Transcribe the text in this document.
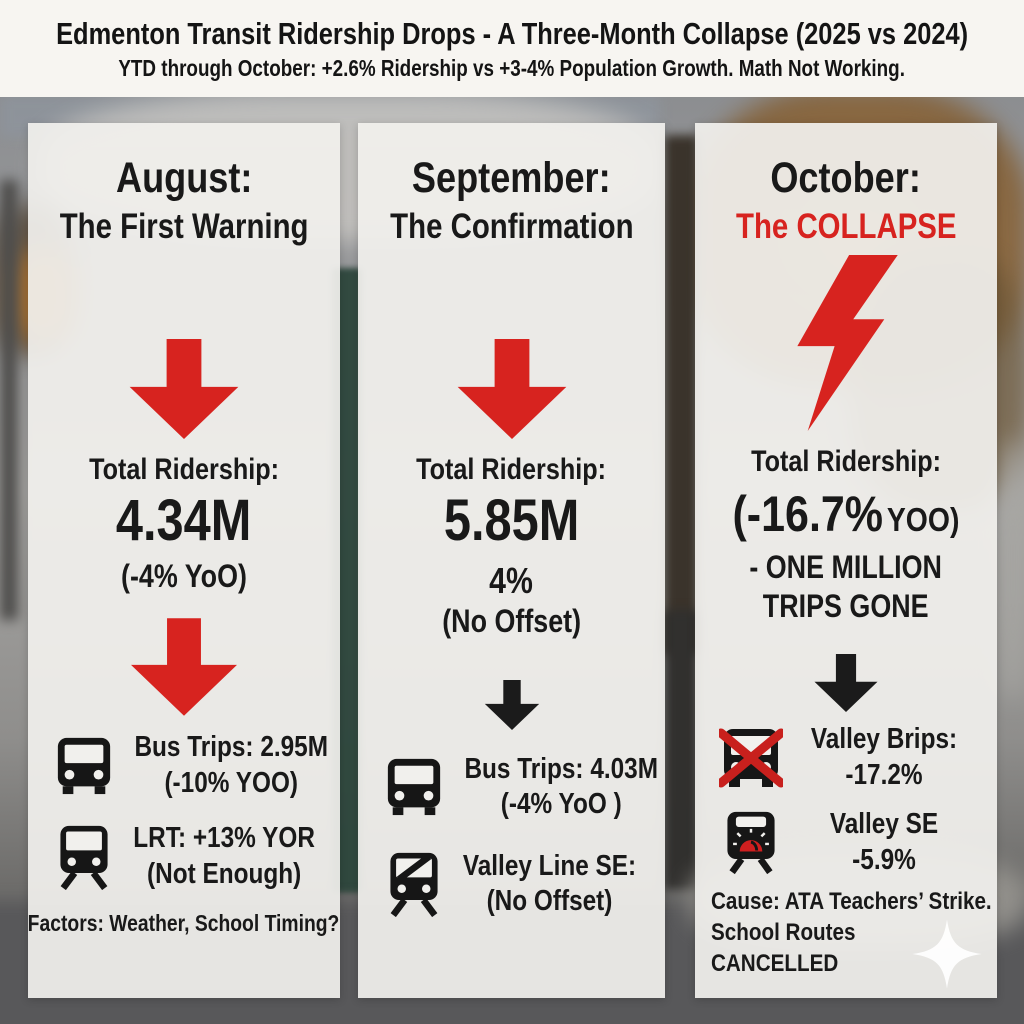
Edmenton Transit Ridership Drops - A Three-Month Collapse (2025 vs 2024)
YTD through October: +2.6% Ridership vs +3-4% Population Growth. Math Not Working.
August:
The First Warning
Total Ridership:
4.34M
(-4% YoO)
Bus Trips: 2.95M
(-10% YOO)
LRT: +13% YOR
(Not Enough)
Factors: Weather, School Timing?
September:
The Confirmation
Total Ridership:
5.85M
4%
(No Offset)
Bus Trips: 4.03M
(-4% YoO )
Valley Line SE:
(No Offset)
October:
The COLLAPSE
Total Ridership:
(-16.7% YOO)
- ONE MILLION
TRIPS GONE
Valley Brips:
-17.2%
Valley SE
-5.9%
Cause: ATA Teachers’ Strike.
School Routes
CANCELLED
